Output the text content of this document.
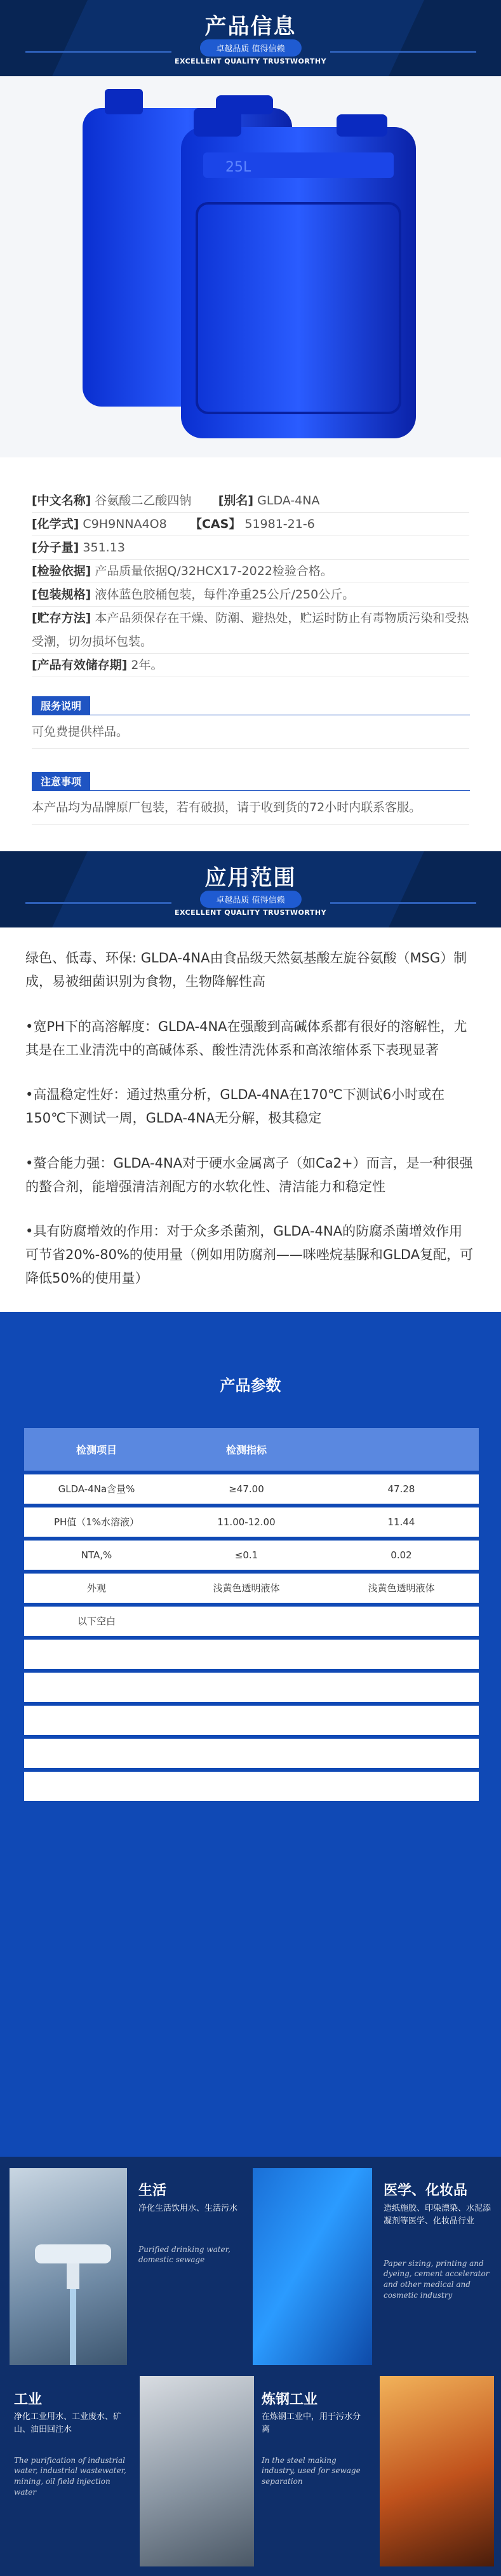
产品信息
卓越品质 值得信赖
EXCELLENT QUALITY TRUSTWORTHY
25L
[中文名称] 谷氨酸二乙酸四钠 [别名] GLDA-4NA
[化学式] C9H9NNA4O8 【CAS】 51981-21-6
[分子量] 351.13
[检验依据] 产品质量依据Q/32HCX17-2022检验合格。
[包装规格] 液体蓝色胶桶包装，每件净重25公斤/250公斤。
[贮存方法] 本产品须保存在干燥、防潮、避热处，贮运时防止有毒物质污染和受热受潮，切勿损坏包装。
[产品有效储存期] 2年。
服务说明
可免费提供样品。
注意事项
本产品均为品牌原厂包装，若有破损，请于收到货的72小时内联系客服。
应用范围
卓越品质 值得信赖
EXCELLENT QUALITY TRUSTWORTHY

绿色、低毒、环保: GLDA-4NA由食品级天然氨基酸左旋谷氨酸（MSG）制成，易被细菌识别为食物，生物降解性高

•宽PH下的高溶解度：GLDA-4NA在强酸到高碱体系都有很好的溶解性，尤其是在工业清洗中的高碱体系、酸性清洗体系和高浓缩体系下表现显著

•高温稳定性好：通过热重分析，GLDA-4NA在170℃下测试6小时或在150℃下测试一周，GLDA-4NA无分解，极其稳定

•螯合能力强：GLDA-4NA对于硬水金属离子（如Ca2+）而言，是一种很强的螯合剂，能增强清洁剂配方的水软化性、清洁能力和稳定性

•具有防腐增效的作用：对于众多杀菌剂，GLDA-4NA的防腐杀菌增效作用可节省20%-80%的使用量（例如用防腐剂——咪唑烷基脲和GLDA复配，可降低50%的使用量）

产品参数
检测项目	检测指标	
GLDA-4Na含量%	≥47.00	47.28
PH值（1%水溶液）	11.00-12.00	11.44
NTA,%	≤0.1	0.02
外观	浅黄色透明液体	浅黄色透明液体
以下空白		

生活
净化生活饮用水、生活污水
Purified drinking water, domestic sewage
医学、化妆品
造纸施胶、印染漂染、水泥添凝剂等医学、化妆品行业
Paper sizing, printing and dyeing, cement accelerator and other medical and cosmetic industry
工业
净化工业用水、工业废水、矿山、油田回注水
The purification of industrial water, industrial wastewater, mining, oil field injection water
炼钢工业
在炼钢工业中，用于污水分离
In the steel making industry, used for sewage separation
